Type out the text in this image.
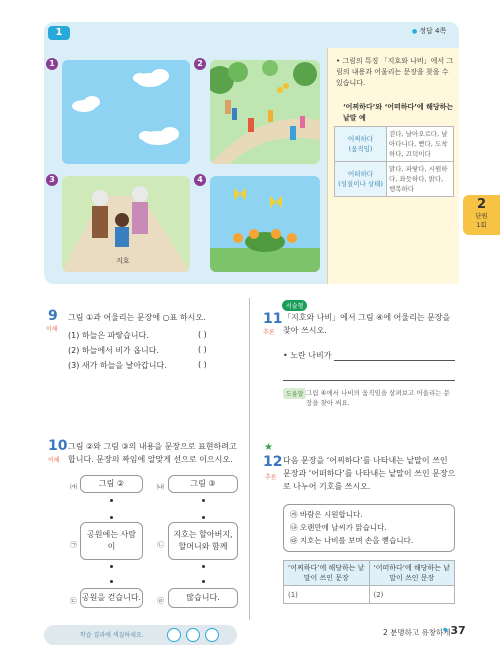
1	● 정답 4쪽
1	2
3
지호
4
• 그림의 특징 「지호와 나비」에서 그림의 내용과 어울리는 문장을 찾을 수 있습니다.
‘어찌하다’와 ‘어떠하다’에 해당하는 낱말 예
어찌하다
(움직임)	걷다, 날아오르다, 날아다니다, 뻗다, 도착하다, 끄덕이다
어떠하다
(성질이나 상태)	맑다, 파랗다, 시원하다, 좌듯하다, 밝다, 행복하다
2
단원
1회
9
이해
그림 ①과 어울리는 문장에 ○표 하시오.
(1) 하늘은 파랗습니다.	( )
(2) 하늘에서 비가 옵니다.	( )
(3) 새가 하늘을 날아갑니다.	( )
10
이해
그림 ②와 그림 ③의 내용을 문장으로 표현하려고 합니다. 문장의 짜임에 알맞게 선으로 이으시오.
㈎	그림 ②	㈏	그림 ③
㉠
공원에는 사람이	㉡
지호는 할아버지, 할머니와 함께
㉢ 공원을 걷습니다. ㉣	많습니다.
서술형
11
추론
「지호와 나비」에서 그림 ④에 어울리는 문장을 찾아 쓰시오.
• 노란 나비가
도움말 그림 ④에서 나비의 움직임을 살펴보고 어울리는 문장을 찾아 써요.
★
12
추론
다음 문장을 ‘어찌하다’를 나타내는 낱말이 쓰인 문장과 ‘어떠하다’를 나타내는 낱말이 쓰인 문장으로 나누어 기호를 쓰시오.
㉮ 바람은 시원합니다.
㉯ 오랜만에 날씨가 맑습니다.
㉰ 지호는 나비를 보며 손을 뻗습니다.
‘어찌하다’에 해당하는 낱말이 쓰인 문장	‘어떠하다’에 해당하는 낱말이 쓰인 문장
(1)	(2)
학습 결과에 색칠하세요.	2 분명하고 유창하게 ● 37
